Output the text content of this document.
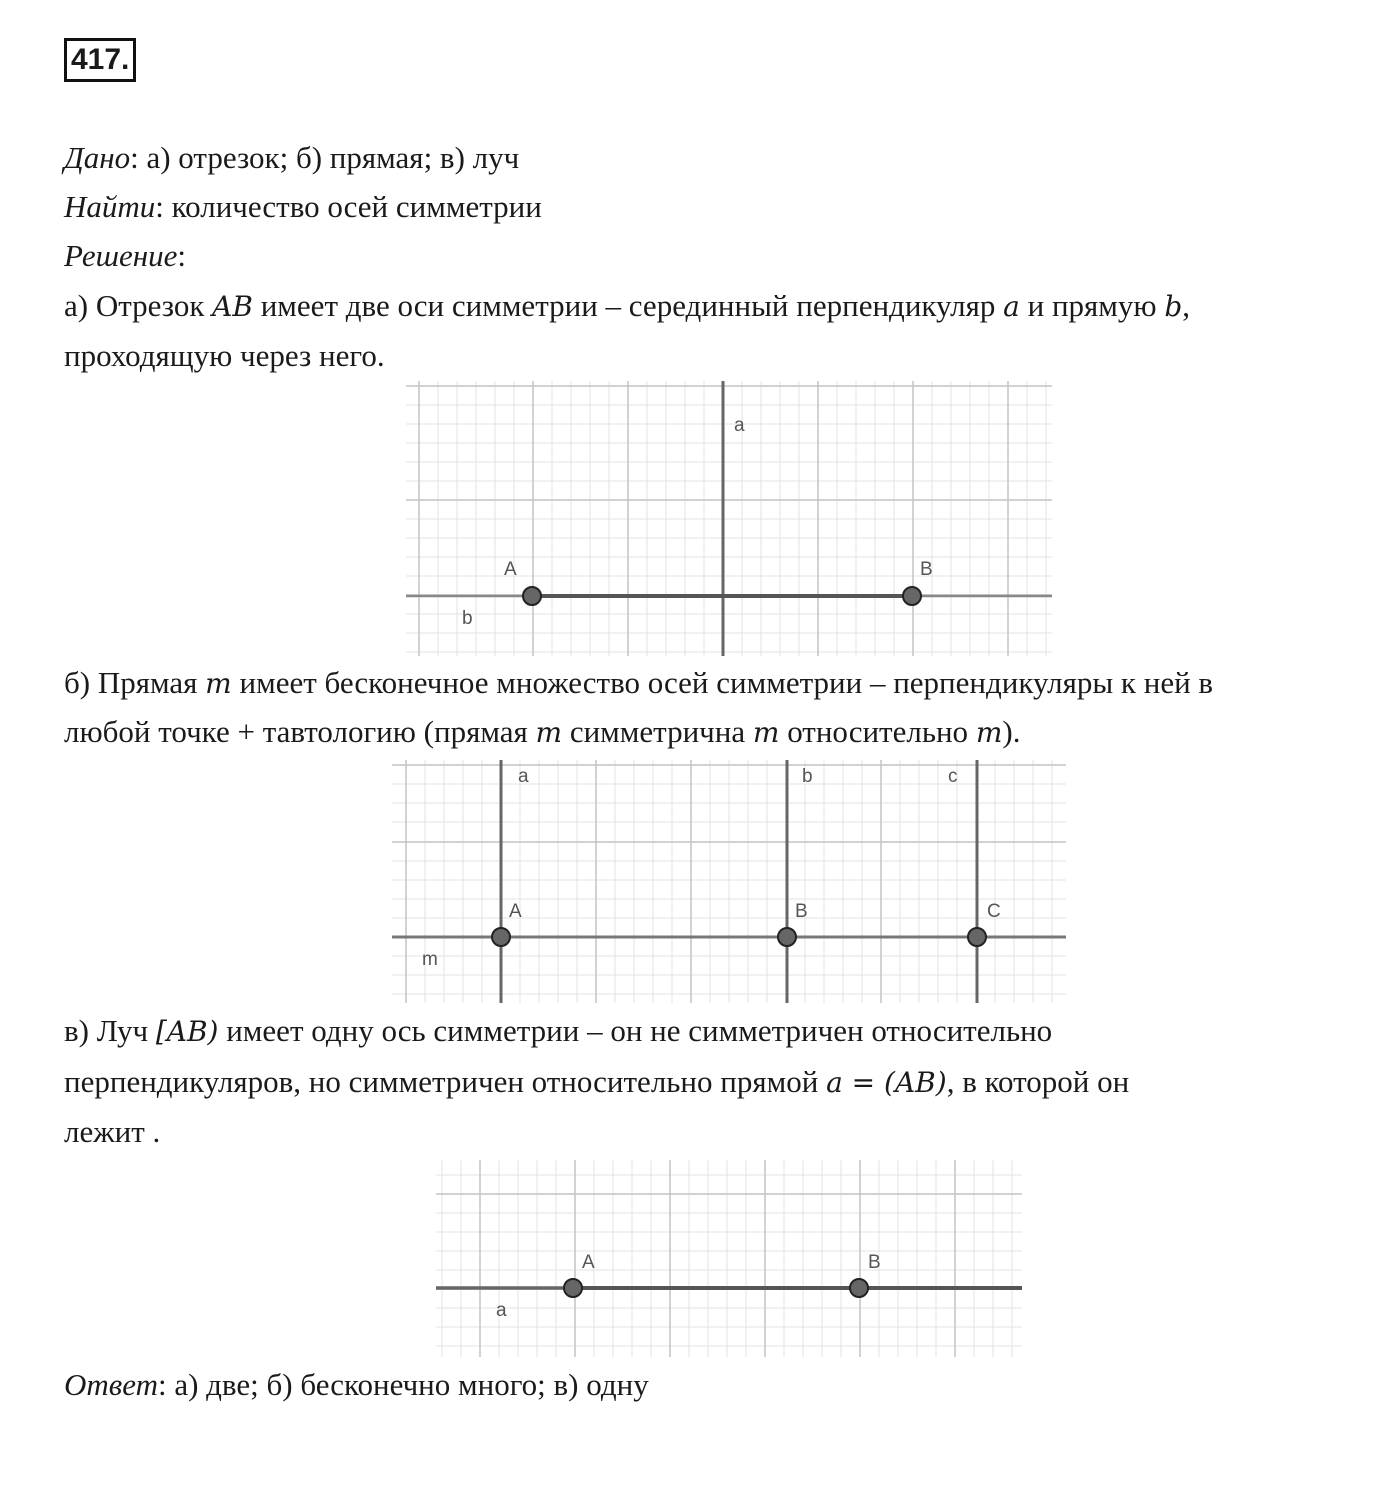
417.
Дано: а) отрезок; б) прямая; в) луч
Найти: количество осей симметрии
Решение:
а) Отрезок AB имеет две оси симметрии – серединный перпендикуляр a и прямую b,
проходящую через него.
a
b
A	B
б) Прямая m имеет бесконечное множество осей симметрии – перпендикуляры к ней в
любой точке + тавтологию (прямая m симметрична m относительно m).
a	b	c
m
A	B	C
в) Луч [AB) имеет одну ось симметрии – он не симметричен относительно
перпендикуляров, но симметричен относительно прямой a = (AB), в которой он
лежит .
a
A	B
Ответ: а) две; б) бесконечно много; в) одну
